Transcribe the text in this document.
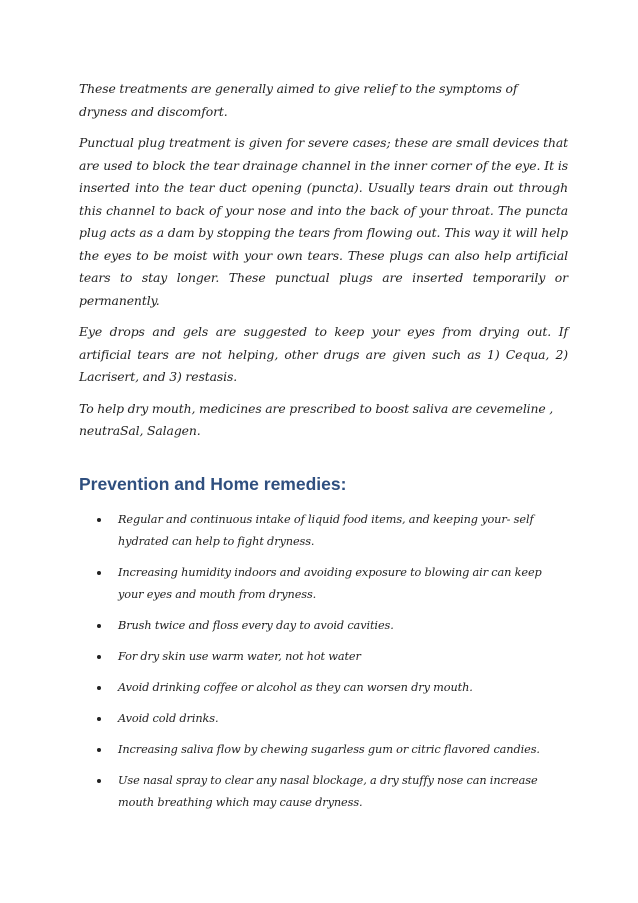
These treatments are generally aimed to give relief to the symptoms of dryness and discomfort.

Punctual plug treatment is given for severe cases; these are small devices that are used to block the tear drainage channel in the inner corner of the eye. It is inserted into the tear duct opening (puncta). Usually tears drain out through this channel to back of your nose and into the back of your throat. The puncta plug acts as a dam by stopping the tears from flowing out. This way it will help the eyes to be moist with your own tears. These plugs can also help artificial tears to stay longer. These punctual plugs are inserted temporarily or permanently.

Eye drops and gels are suggested to keep your eyes from drying out. If artificial tears are not helping, other drugs are given such as 1) Cequa, 2) Lacrisert, and 3) restasis.

To help dry mouth, medicines are prescribed to boost saliva are cevemeline , neutraSal, Salagen.

Prevention and Home remedies:
Regular and continuous intake of liquid food items, and keeping your- self hydrated can help to fight dryness.
Increasing humidity indoors and avoiding exposure to blowing air can keep your eyes and mouth from dryness.
Brush twice and floss every day to avoid cavities.
For dry skin use warm water, not hot water
Avoid drinking coffee or alcohol as they can worsen dry mouth.
Avoid cold drinks.
Increasing saliva flow by chewing sugarless gum or citric flavored candies.
Use nasal spray to clear any nasal blockage, a dry stuffy nose can increase mouth breathing which may cause dryness.
